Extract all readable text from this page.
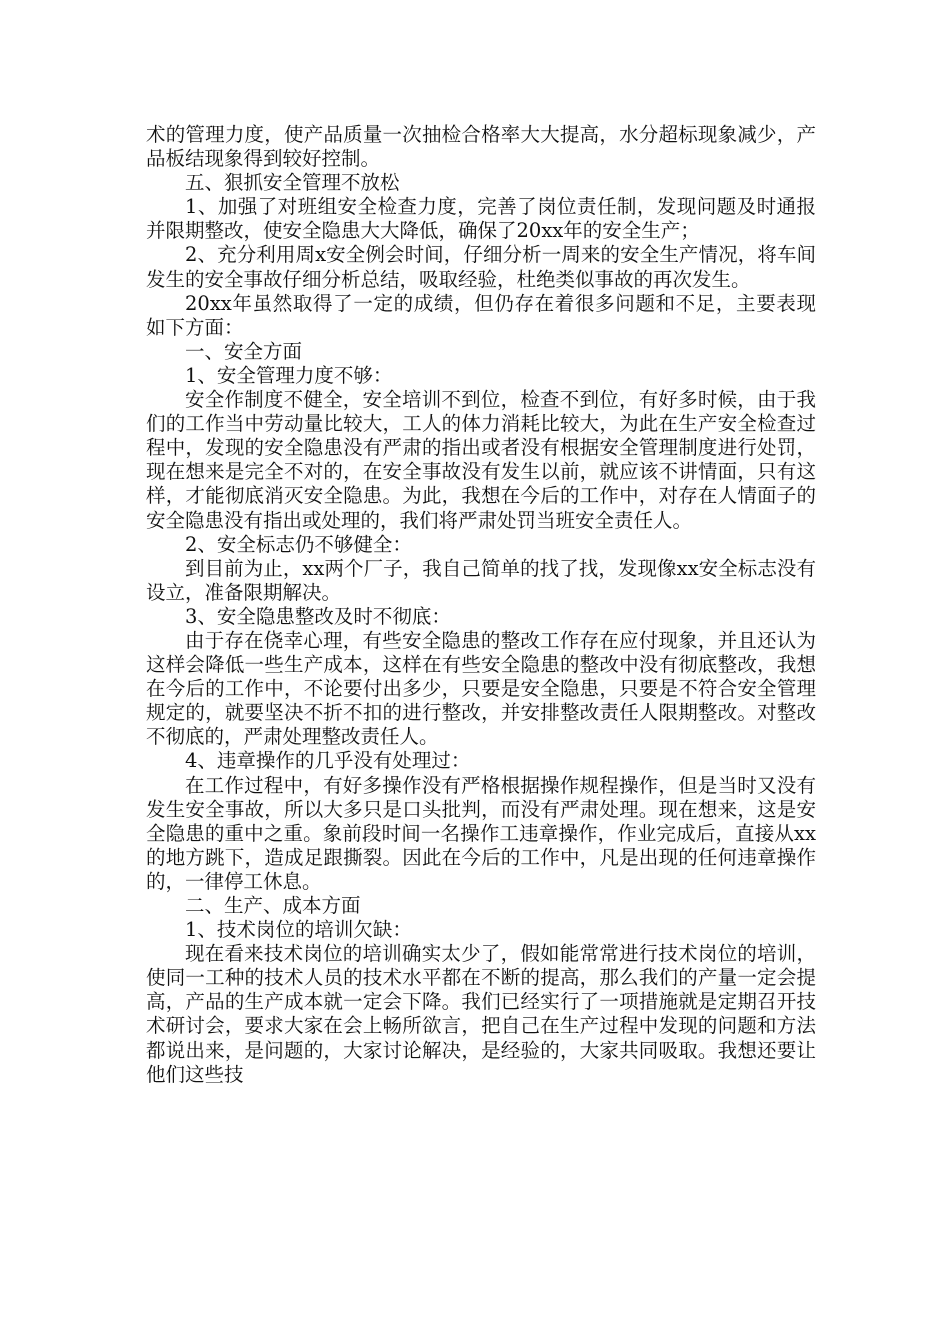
术的管理力度，使产品质量一次抽检合格率大大提高，水分超标现象减少，产品板结现象得到较好控制。

五、狠抓安全管理不放松

1、加强了对班组安全检查力度，完善了岗位责任制，发现问题及时通报并限期整改，使安全隐患大大降低，确保了20xx年的安全生产；

2、充分利用周x安全例会时间，仔细分析一周来的安全生产情况，将车间发生的安全事故仔细分析总结，吸取经验，杜绝类似事故的再次发生。

20xx年虽然取得了一定的成绩，但仍存在着很多问题和不足，主要表现如下方面：

一、安全方面

1、安全管理力度不够：

安全作制度不健全，安全培训不到位，检查不到位，有好多时候，由于我们的工作当中劳动量比较大，工人的体力消耗比较大，为此在生产安全检查过程中，发现的安全隐患没有严肃的指出或者没有根据安全管理制度进行处罚，现在想来是完全不对的，在安全事故没有发生以前，就应该不讲情面，只有这样，才能彻底消灭安全隐患。为此，我想在今后的工作中，对存在人情面子的安全隐患没有指出或处理的，我们将严肃处罚当班安全责任人。

2、安全标志仍不够健全：

到目前为止，xx两个厂子，我自己简单的找了找，发现像xx安全标志没有设立，准备限期解决。

3、安全隐患整改及时不彻底：

由于存在侥幸心理，有些安全隐患的整改工作存在应付现象，并且还认为这样会降低一些生产成本，这样在有些安全隐患的整改中没有彻底整改，我想在今后的工作中，不论要付出多少，只要是安全隐患，只要是不符合安全管理规定的，就要坚决不折不扣的进行整改，并安排整改责任人限期整改。对整改不彻底的，严肃处理整改责任人。

4、违章操作的几乎没有处理过：

在工作过程中，有好多操作没有严格根据操作规程操作，但是当时又没有发生安全事故，所以大多只是口头批判，而没有严肃处理。现在想来，这是安全隐患的重中之重。象前段时间一名操作工违章操作，作业完成后，直接从xx的地方跳下，造成足跟撕裂。因此在今后的工作中，凡是出现的任何违章操作的，一律停工休息。

二、生产、成本方面

1、技术岗位的培训欠缺：

现在看来技术岗位的培训确实太少了，假如能常常进行技术岗位的培训，使同一工种的技术人员的技术水平都在不断的提高，那么我们的产量一定会提高，产品的生产成本就一定会下降。我们已经实行了一项措施就是定期召开技术研讨会，要求大家在会上畅所欲言，把自己在生产过程中发现的问题和方法都说出来，是问题的，大家讨论解决，是经验的，大家共同吸取。我想还要让他们这些技
